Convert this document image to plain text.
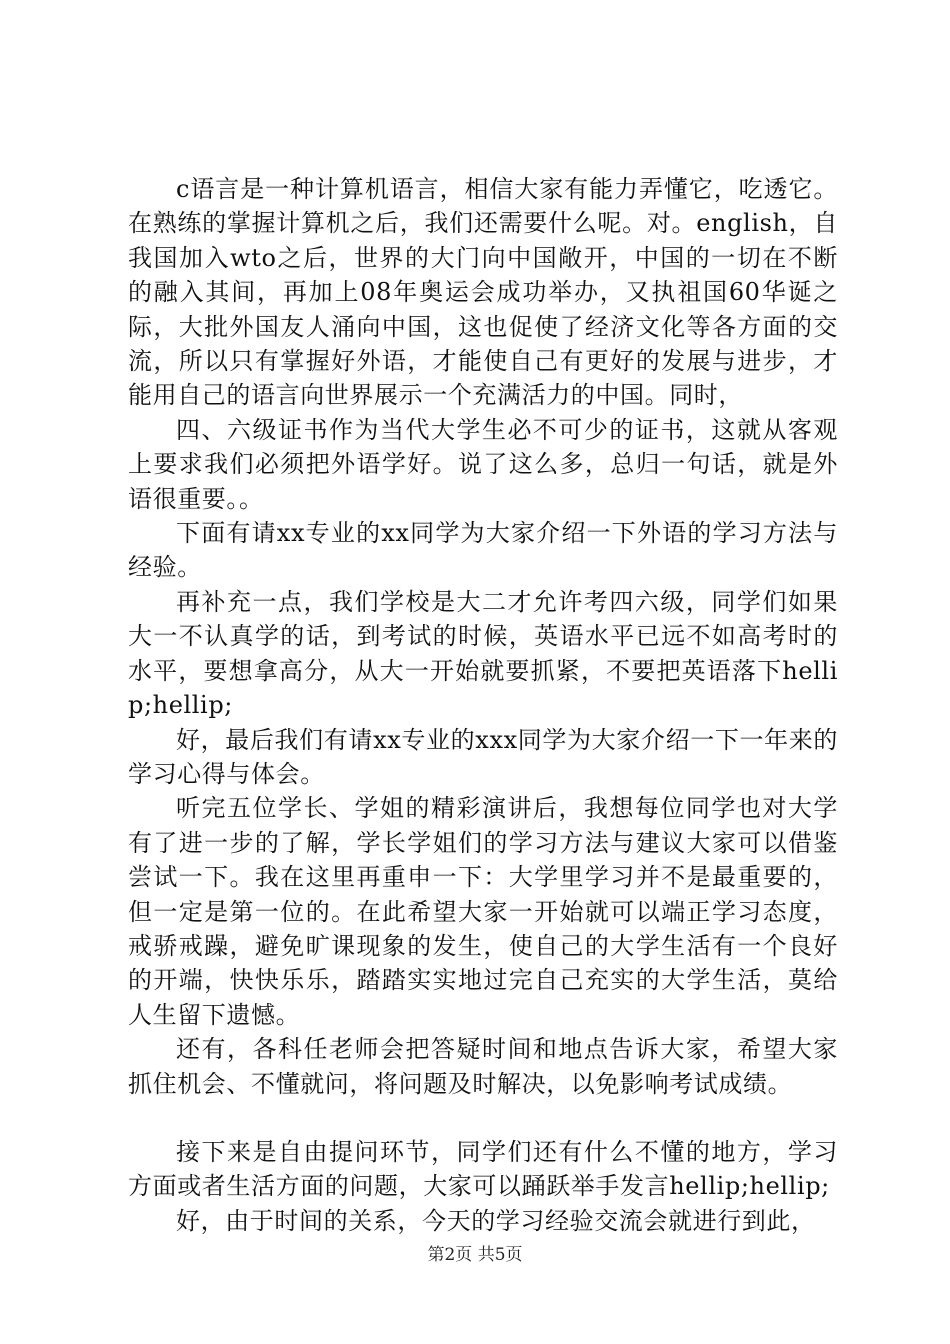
c语言是一种计算机语言，相信大家有能力弄懂它，吃透它。在熟练的掌握计算机之后，我们还需要什么呢。对。english，自我国加入wto之后，世界的大门向中国敞开，中国的一切在不断的融入其间，再加上08年奥运会成功举办，又执祖国60华诞之际，大批外国友人涌向中国，这也促使了经济文化等各方面的交流，所以只有掌握好外语，才能使自己有更好的发展与进步，才能用自己的语言向世界展示一个充满活力的中国。同时，

四、六级证书作为当代大学生必不可少的证书，这就从客观上要求我们必须把外语学好。说了这么多，总归一句话，就是外语很重要。。

下面有请xx专业的xx同学为大家介绍一下外语的学习方法与经验。

再补充一点，我们学校是大二才允许考四六级，同学们如果大一不认真学的话，到考试的时候，英语水平已远不如高考时的水平，要想拿高分，从大一开始就要抓紧，不要把英语落下hellip;hellip;

好，最后我们有请xx专业的xxx同学为大家介绍一下一年来的学习心得与体会。

听完五位学长、学姐的精彩演讲后，我想每位同学也对大学有了进一步的了解，学长学姐们的学习方法与建议大家可以借鉴尝试一下。我在这里再重申一下：大学里学习并不是最重要的，但一定是第一位的。在此希望大家一开始就可以端正学习态度，戒骄戒躁，避免旷课现象的发生，使自己的大学生活有一个良好的开端，快快乐乐，踏踏实实地过完自己充实的大学生活，莫给人生留下遗憾。

还有，各科任老师会把答疑时间和地点告诉大家，希望大家抓住机会、不懂就问，将问题及时解决，以免影响考试成绩。

接下来是自由提问环节，同学们还有什么不懂的地方，学习方面或者生活方面的问题，大家可以踊跃举手发言hellip;hellip;

好，由于时间的关系，今天的学习经验交流会就进行到此，

第2页 共5页
